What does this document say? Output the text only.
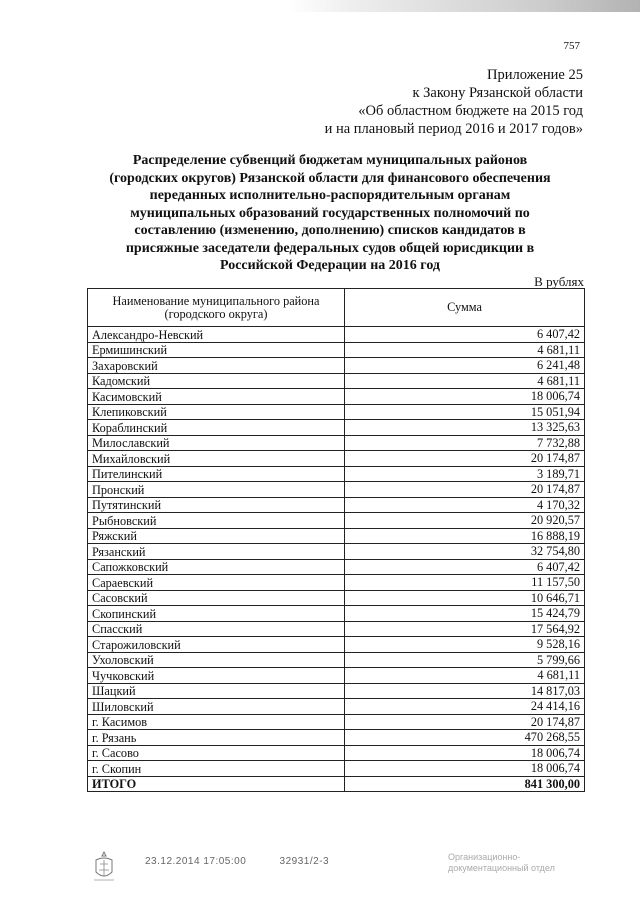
757
Приложение 25
к Закону Рязанской области
«Об областном бюджете на 2015 год
и на плановый период 2016 и 2017 годов»
Распределение субвенций бюджетам муниципальных районов
(городских округов) Рязанской области для финансового обеспечения
переданных исполнительно-распорядительным органам
муниципальных образований государственных полномочий по
составлению (изменению, дополнению) списков кандидатов в
присяжные заседатели федеральных судов общей юрисдикции в
Российской Федерации на 2016 год
В рублях
Наименование муниципального района
(городского округа)	Сумма
Александро-Невский	6 407,42
Ермишинский	4 681,11
Захаровский	6 241,48
Кадомский	4 681,11
Касимовский	18 006,74
Клепиковский	15 051,94
Кораблинский	13 325,63
Милославский	7 732,88
Михайловский	20 174,87
Пителинский	3 189,71
Пронский	20 174,87
Путятинский	4 170,32
Рыбновский	20 920,57
Ряжский	16 888,19
Рязанский	32 754,80
Сапожковский	6 407,42
Сараевский	11 157,50
Сасовский	10 646,71
Скопинский	15 424,79
Спасский	17 564,92
Старожиловский	9 528,16
Ухоловский	5 799,66
Чучковский	4 681,11
Шацкий	14 817,03
Шиловский	24 414,16
г. Касимов	20 174,87
г. Рязань	470 268,55
г. Сасово	18 006,74
г. Скопин	18 006,74
ИТОГО	841 300,00
23.12.2014 17:05:00	32931/2-3	Организационно-
документационный отдел
